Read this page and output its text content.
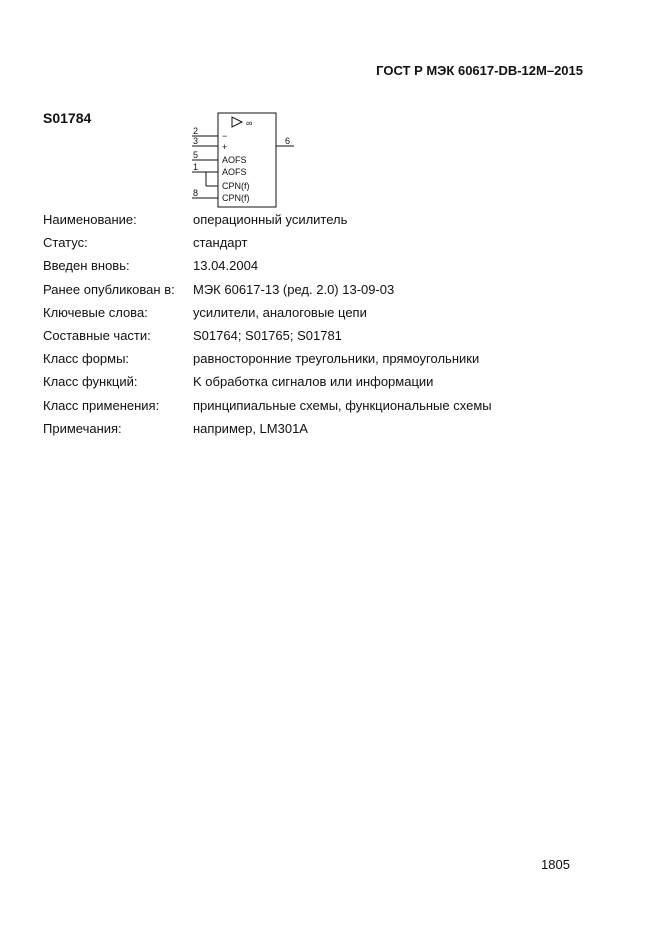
ГОСТ Р МЭК 60617-DB-12M–2015
S01784	∞
2
3
5
1
8
6
−
+
AOFS
AOFS
CPN(f)
CPN(f)
Наименование:	операционный усилитель
Статус:	стандарт
Введен вновь:	13.04.2004
Ранее опубликован в:	МЭК 60617-13 (ред. 2.0) 13-09-03
Ключевые слова:	усилители, аналоговые цепи
Составные части:	S01764; S01765; S01781
Класс формы:	равносторонние треугольники, прямоугольники
Класс функций:	K обработка сигналов или информации
Класс применения:	принципиальные схемы, функциональные схемы
Примечания:	например, LM301A
1805
